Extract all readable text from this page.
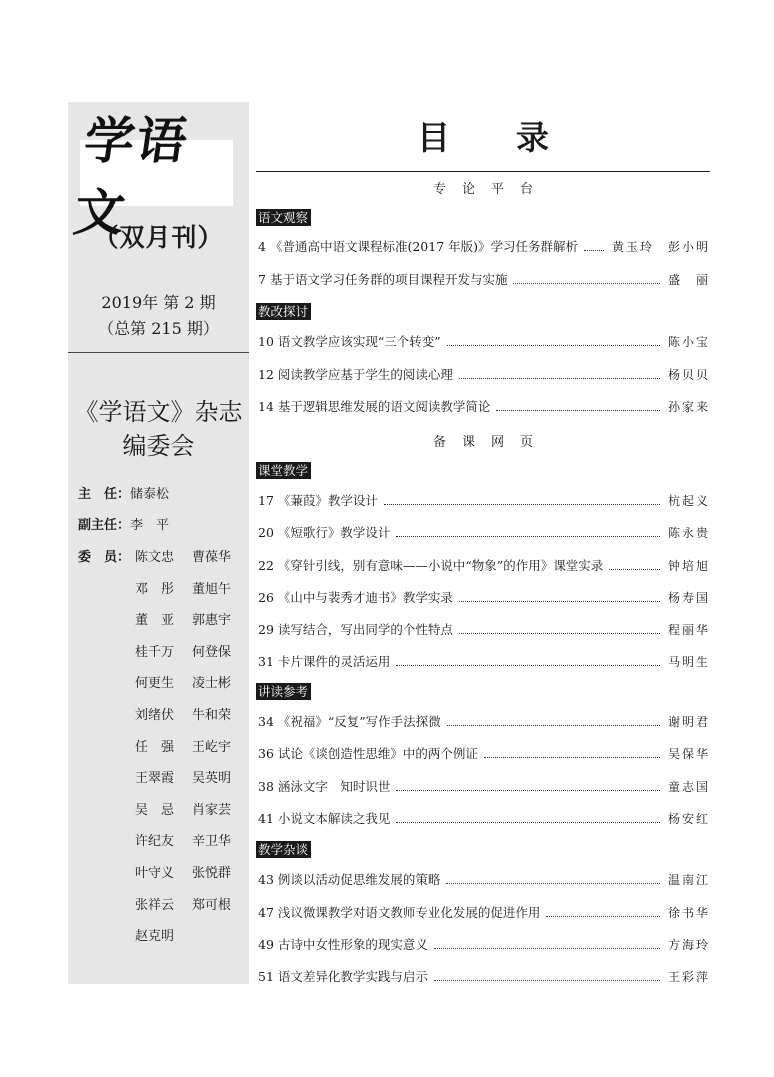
学语文
（双月刊）
2019年 第 2 期
（总第 215 期）
《学语文》杂志
编委会
主　任：储泰松
副主任：李　平
委　员： 陈文忠 曹葆华
邓　彤 董旭午
董　亚 郭惠宇
桂千万 何登保
何更生 凌士彬
刘绪伏 牛和荣
任　强 王屹宇
王翠霞 吴英明
吴　忌 肖家芸
许纪友 辛卫华
叶守义 张悦群
张祥云 郑可根
赵克明
目 录
专论平台
语文观察
4 《普通高中语文课程标准(2017 年版)》学习任务群解析	黄玉玲　彭小明
7 基于语文学习任务群的项目课程开发与实施	盛　丽
教改探讨
10 语文教学应该实现“三个转变”	陈小宝
12 阅读教学应基于学生的阅读心理	杨贝贝
14 基于逻辑思维发展的语文阅读教学简论	孙家来
备课网页
课堂教学
17 《蒹葭》教学设计	杭起义
20 《短歌行》教学设计	陈永贵
22 《穿针引线，别有意味——小说中“物象”的作用》课堂实录	钟培旭
26 《山中与裴秀才迪书》教学实录	杨寿国
29 读写结合，写出同学的个性特点	程丽华
31 卡片课件的灵活运用	马明生
讲读参考
34 《祝福》“反复”写作手法探微	谢明君
36 试论《谈创造性思维》中的两个例证	吴保华
38 涵泳文字　知时识世	童志国
41 小说文本解读之我见	杨安红
教学杂谈
43 例谈以活动促思维发展的策略	温南江
47 浅议微课教学对语文教师专业化发展的促进作用	徐书华
49 古诗中女性形象的现实意义	方海玲
51 语文差异化教学实践与启示	王彩萍
